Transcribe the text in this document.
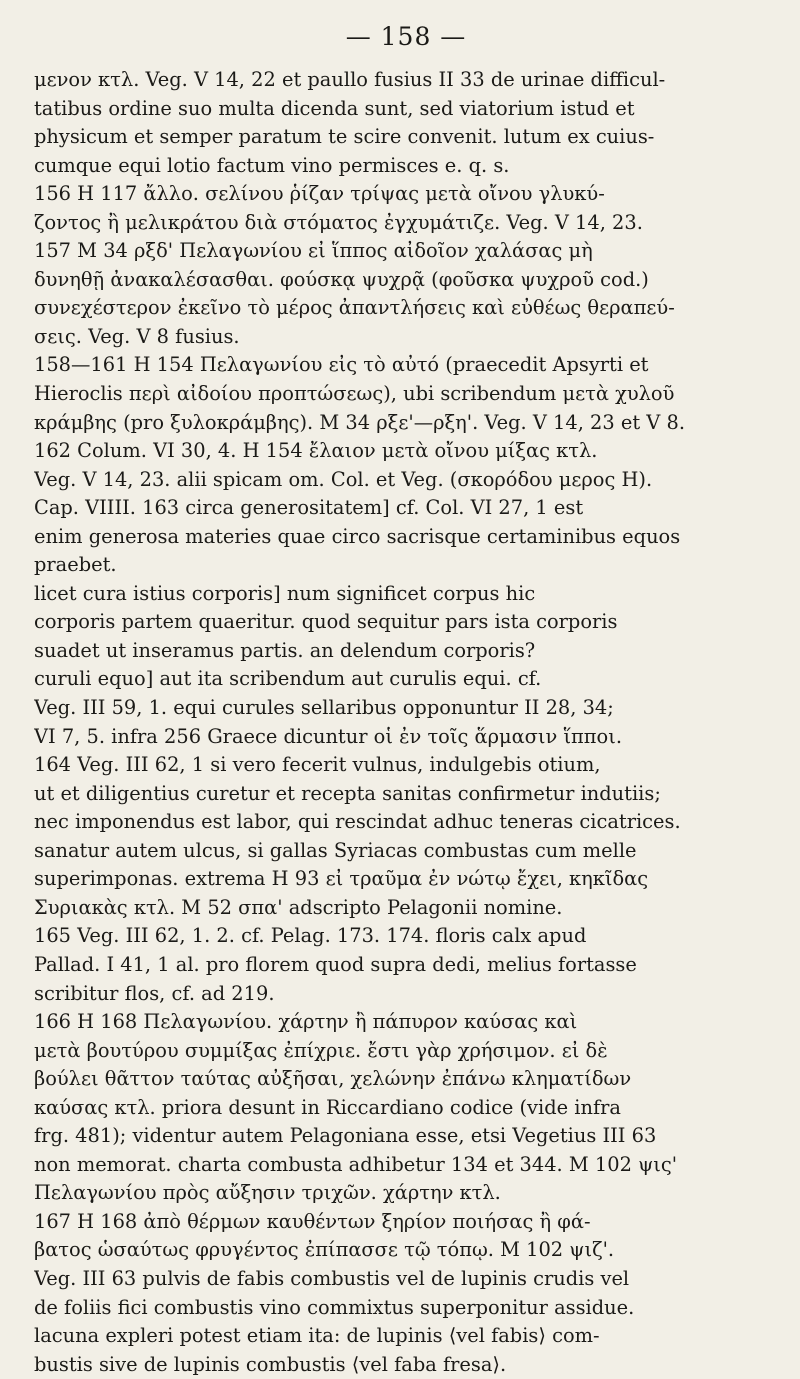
— 158 —
μενον κτλ. Veg. V 14, 22 et paullo fusius II 33 de urinae difficul-
tatibus ordine suo multa dicenda sunt, sed viatorium istud et
physicum et semper paratum te scire convenit. lutum ex cuius-
cumque equi lotio factum vino permisces e. q. s.
156 H 117 ἄλλο. σελίνου ῥίζαν τρίψας μετὰ οἴνου γλυκύ-
ζοντος ἢ μελικράτου διὰ στόματος ἐγχυμάτιζε. Veg. V 14, 23.
157 M 34 ρξδ' Πελαγωνίου εἰ ἵππος αἰδοῖον χαλάσας μὴ
δυνηθῇ ἀνακαλέσασθαι. φούσκᾳ ψυχρᾷ (φοῦσκα ψυχροῦ cod.)
συνεχέστερον ἐκεῖνο τὸ μέρος ἀπαντλήσεις καὶ εὐθέως θεραπεύ-
σεις. Veg. V 8 fusius.
158—161 H 154 Πελαγωνίου εἰς τὸ αὐτό (praecedit Apsyrti et
Hieroclis περὶ αἰδοίου προπτώσεως), ubi scribendum μετὰ χυλοῦ
κράμβης (pro ξυλοκράμβης). M 34 ρξε'—ρξη'. Veg. V 14, 23 et V 8.
162 Colum. VI 30, 4. H 154 ἔλαιον μετὰ οἴνου μίξας κτλ.
Veg. V 14, 23. alii spicam om. Col. et Veg. (σκορόδου μερος H).
Cap. VIIII. 163 circa generositatem] cf. Col. VI 27, 1 est
enim generosa materies quae circo sacrisque certaminibus equos
praebet.
licet cura istius corporis] num significet corpus hic
corporis partem quaeritur. quod sequitur pars ista corporis
suadet ut inseramus partis. an delendum corporis?
curuli equo] aut ita scribendum aut curulis equi. cf.
Veg. III 59, 1. equi curules sellaribus opponuntur II 28, 34;
VI 7, 5. infra 256 Graece dicuntur οἱ ἐν τοῖς ἅρμασιν ἵπποι.
164 Veg. III 62, 1 si vero fecerit vulnus, indulgebis otium,
ut et diligentius curetur et recepta sanitas confirmetur indutiis;
nec imponendus est labor, qui rescindat adhuc teneras cicatrices.
sanatur autem ulcus, si gallas Syriacas combustas cum melle
superimponas. extrema H 93 εἰ τραῦμα ἐν νώτῳ ἔχει, κηκῖδας
Συριακὰς κτλ. M 52 σπα' adscripto Pelagonii nomine.
165 Veg. III 62, 1. 2. cf. Pelag. 173. 174. floris calx apud
Pallad. I 41, 1 al. pro florem quod supra dedi, melius fortasse
scribitur flos, cf. ad 219.
166 H 168 Πελαγωνίου. χάρτην ἢ πάπυρον καύσας καὶ
μετὰ βουτύρου συμμίξας ἐπίχριε. ἔστι γὰρ χρήσιμον. εἰ δὲ
βούλει θᾶττον ταύτας αὐξῆσαι, χελώνην ἐπάνω κληματίδων
καύσας κτλ. priora desunt in Riccardiano codice (vide infra
frg. 481); videntur autem Pelagoniana esse, etsi Vegetius III 63
non memorat. charta combusta adhibetur 134 et 344. M 102 ψις'
Πελαγωνίου πρὸς αὔξησιν τριχῶν. χάρτην κτλ.
167 H 168 ἀπὸ θέρμων καυθέντων ξηρίον ποιήσας ἢ φά-
βατος ὡσαύτως φρυγέντος ἐπίπασσε τῷ τόπῳ. M 102 ψιζ'.
Veg. III 63 pulvis de fabis combustis vel de lupinis crudis vel
de foliis fici combustis vino commixtus superponitur assidue.
lacuna expleri potest etiam ita: de lupinis ⟨vel fabis⟩ com-
bustis sive de lupinis combustis ⟨vel faba fresa⟩.
